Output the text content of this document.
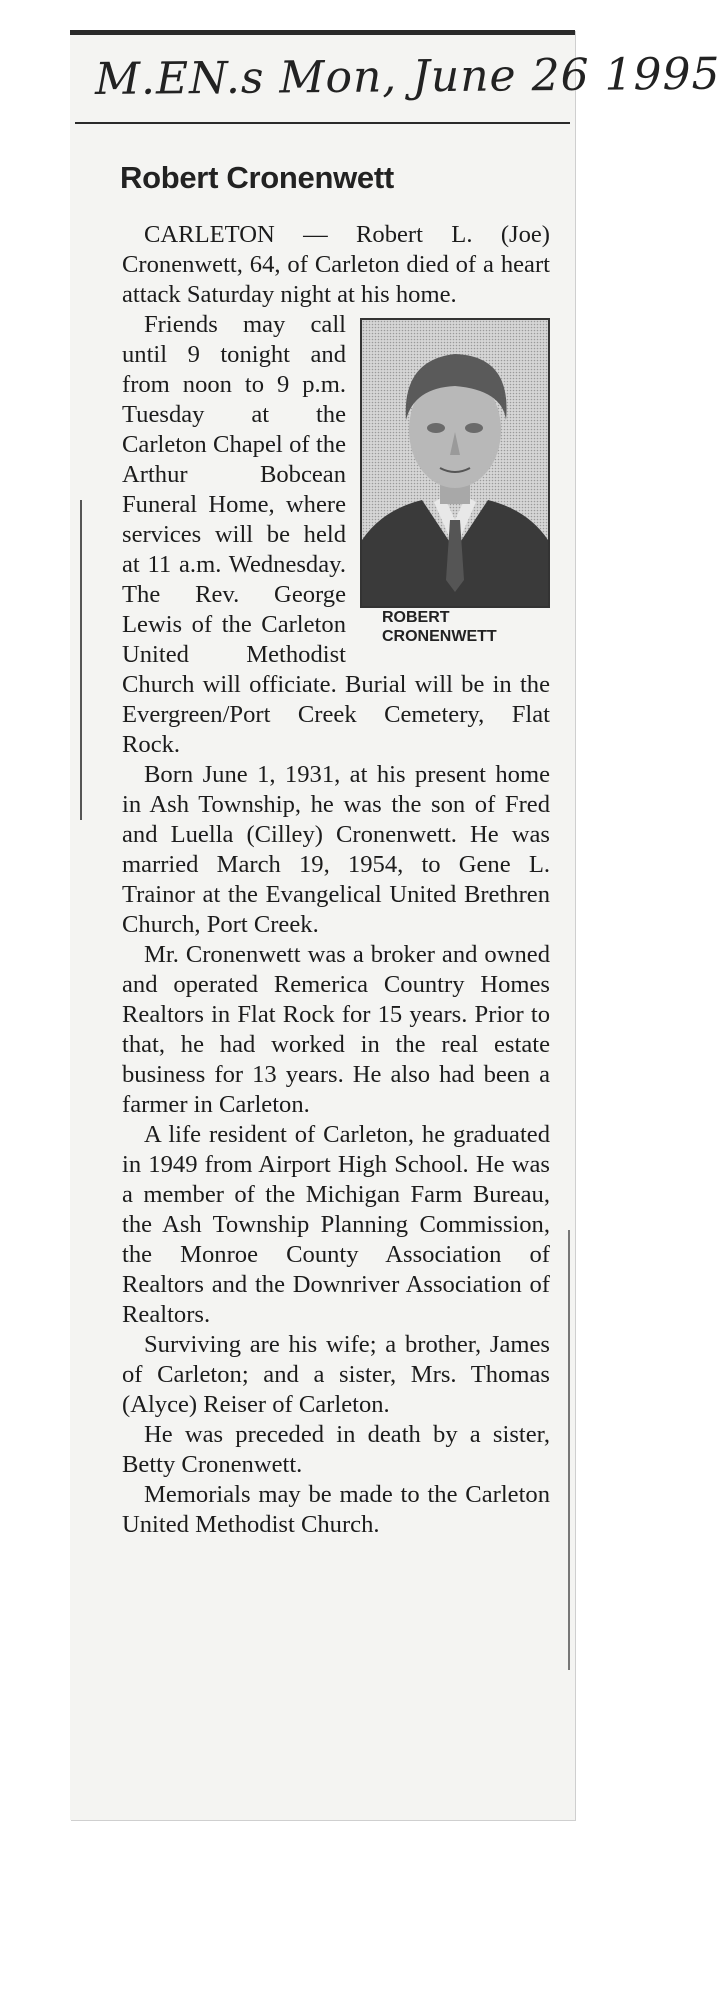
M.EN.s Mon, June 26 1995
Robert Cronenwett

CARLETON — Robert L. (Joe) Cronenwett, 64, of Carleton died of a heart attack Saturday night at his home.

ROBERT
CRONENWETT
Friends may call until 9 tonight and from noon to 9 p.m. Tuesday at the Carleton Chapel of the Arthur Bobcean Funeral Home, where services will be held at 11 a.m. Wednesday. The Rev. George Lewis of the Carleton United Methodist Church will officiate. Burial will be in the Evergreen/Port Creek Cemetery, Flat Rock.

Born June 1, 1931, at his present home in Ash Township, he was the son of Fred and Luella (Cilley) Cronenwett. He was married March 19, 1954, to Gene L. Trainor at the Evangelical United Brethren Church, Port Creek.

Mr. Cronenwett was a broker and owned and operated Remerica Country Homes Realtors in Flat Rock for 15 years. Prior to that, he had worked in the real estate business for 13 years. He also had been a farmer in Carleton.

A life resident of Carleton, he graduated in 1949 from Airport High School. He was a member of the Michigan Farm Bureau, the Ash Township Planning Commission, the Monroe County Association of Realtors and the Downriver Association of Realtors.

Surviving are his wife; a brother, James of Carleton; and a sister, Mrs. Thomas (Alyce) Reiser of Carleton.

He was preceded in death by a sister, Betty Cronenwett.

Memorials may be made to the Carleton United Methodist Church.
